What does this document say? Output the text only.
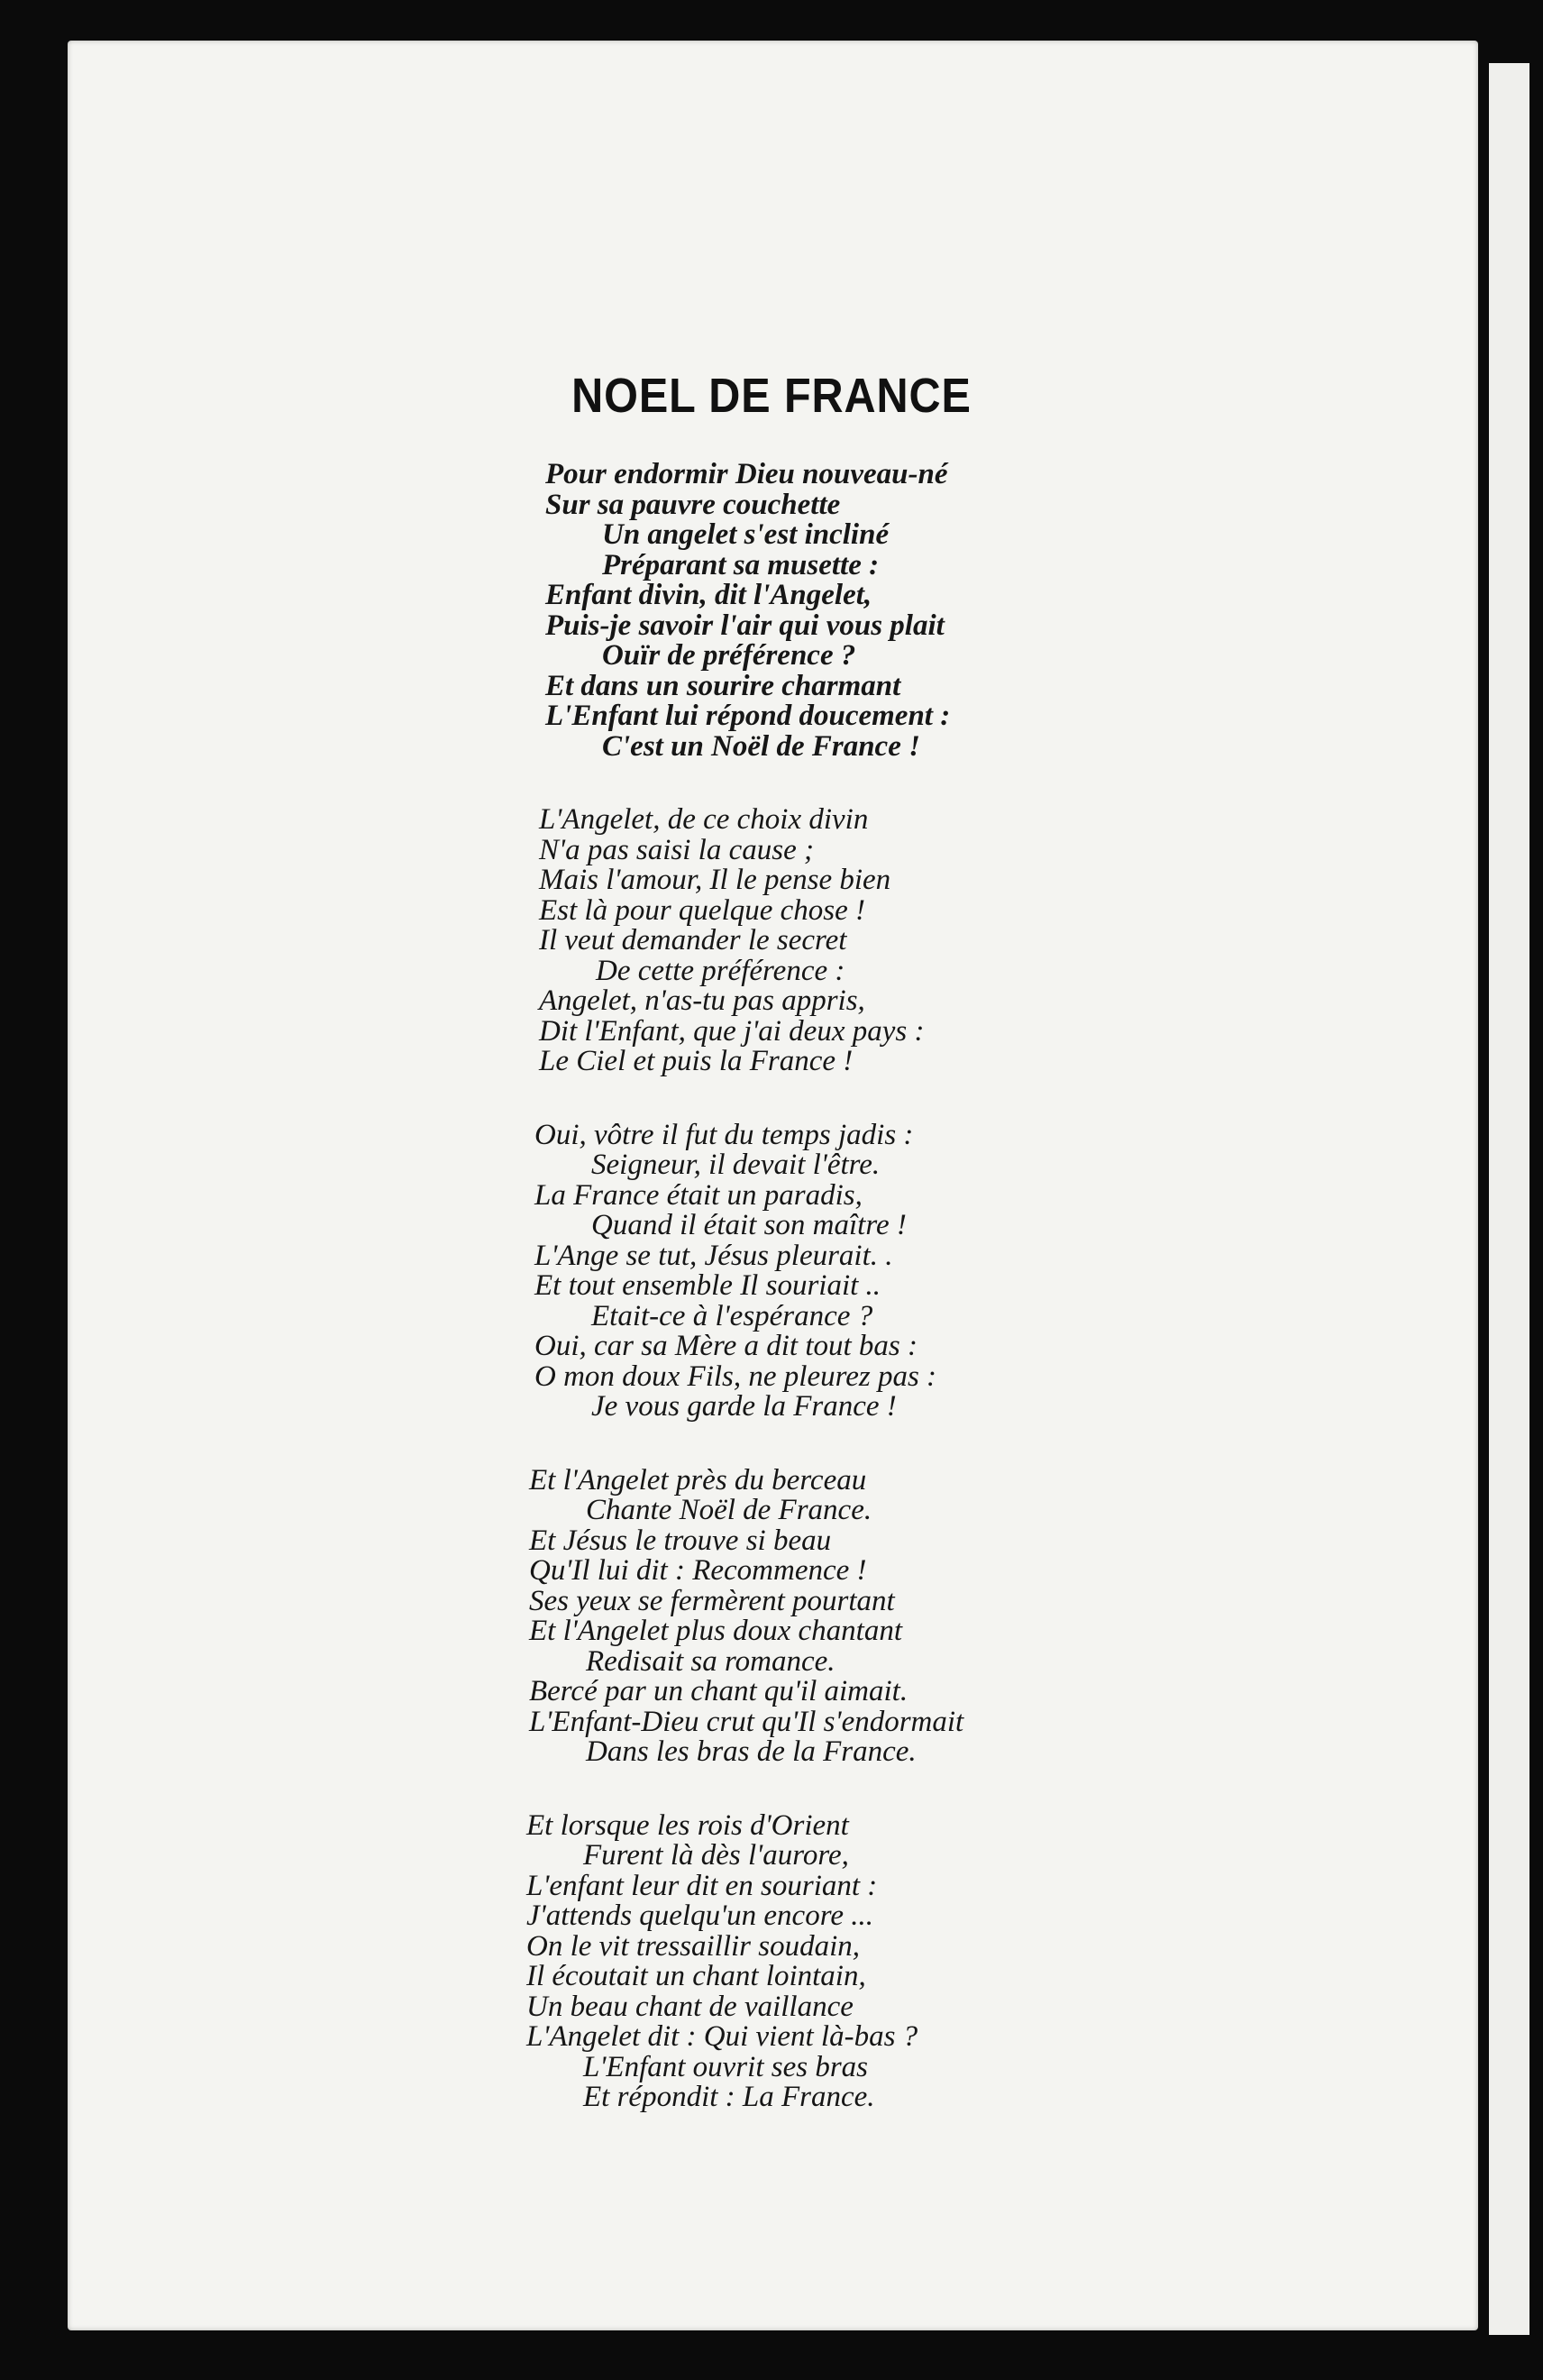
NOEL DE FRANCE
Pour endormir Dieu nouveau-né
Sur sa pauvre couchette
Un angelet s'est incliné
Préparant sa musette :
Enfant divin, dit l'Angelet,
Puis-je savoir l'air qui vous plait
Ouïr de préférence ?
Et dans un sourire charmant
L'Enfant lui répond doucement :
C'est un Noël de France !
L'Angelet, de ce choix divin
N'a pas saisi la cause ;
Mais l'amour, Il le pense bien
Est là pour quelque chose !
Il veut demander le secret
De cette préférence :
Angelet, n'as-tu pas appris,
Dit l'Enfant, que j'ai deux pays :
Le Ciel et puis la France !
Oui, vôtre il fut du temps jadis :
Seigneur, il devait l'être.
La France était un paradis,
Quand il était son maître !
L'Ange se tut, Jésus pleurait. .
Et tout ensemble Il souriait ..
Etait-ce à l'espérance ?
Oui, car sa Mère a dit tout bas :
O mon doux Fils, ne pleurez pas :
Je vous garde la France !
Et l'Angelet près du berceau
Chante Noël de France.
Et Jésus le trouve si beau
Qu'Il lui dit : Recommence !
Ses yeux se fermèrent pourtant
Et l'Angelet plus doux chantant
Redisait sa romance.
Bercé par un chant qu'il aimait.
L'Enfant-Dieu crut qu'Il s'endormait
Dans les bras de la France.
Et lorsque les rois d'Orient
Furent là dès l'aurore,
L'enfant leur dit en souriant :
J'attends quelqu'un encore ...
On le vit tressaillir soudain,
Il écoutait un chant lointain,
Un beau chant de vaillance
L'Angelet dit : Qui vient là-bas ?
L'Enfant ouvrit ses bras
Et répondit : La France.
